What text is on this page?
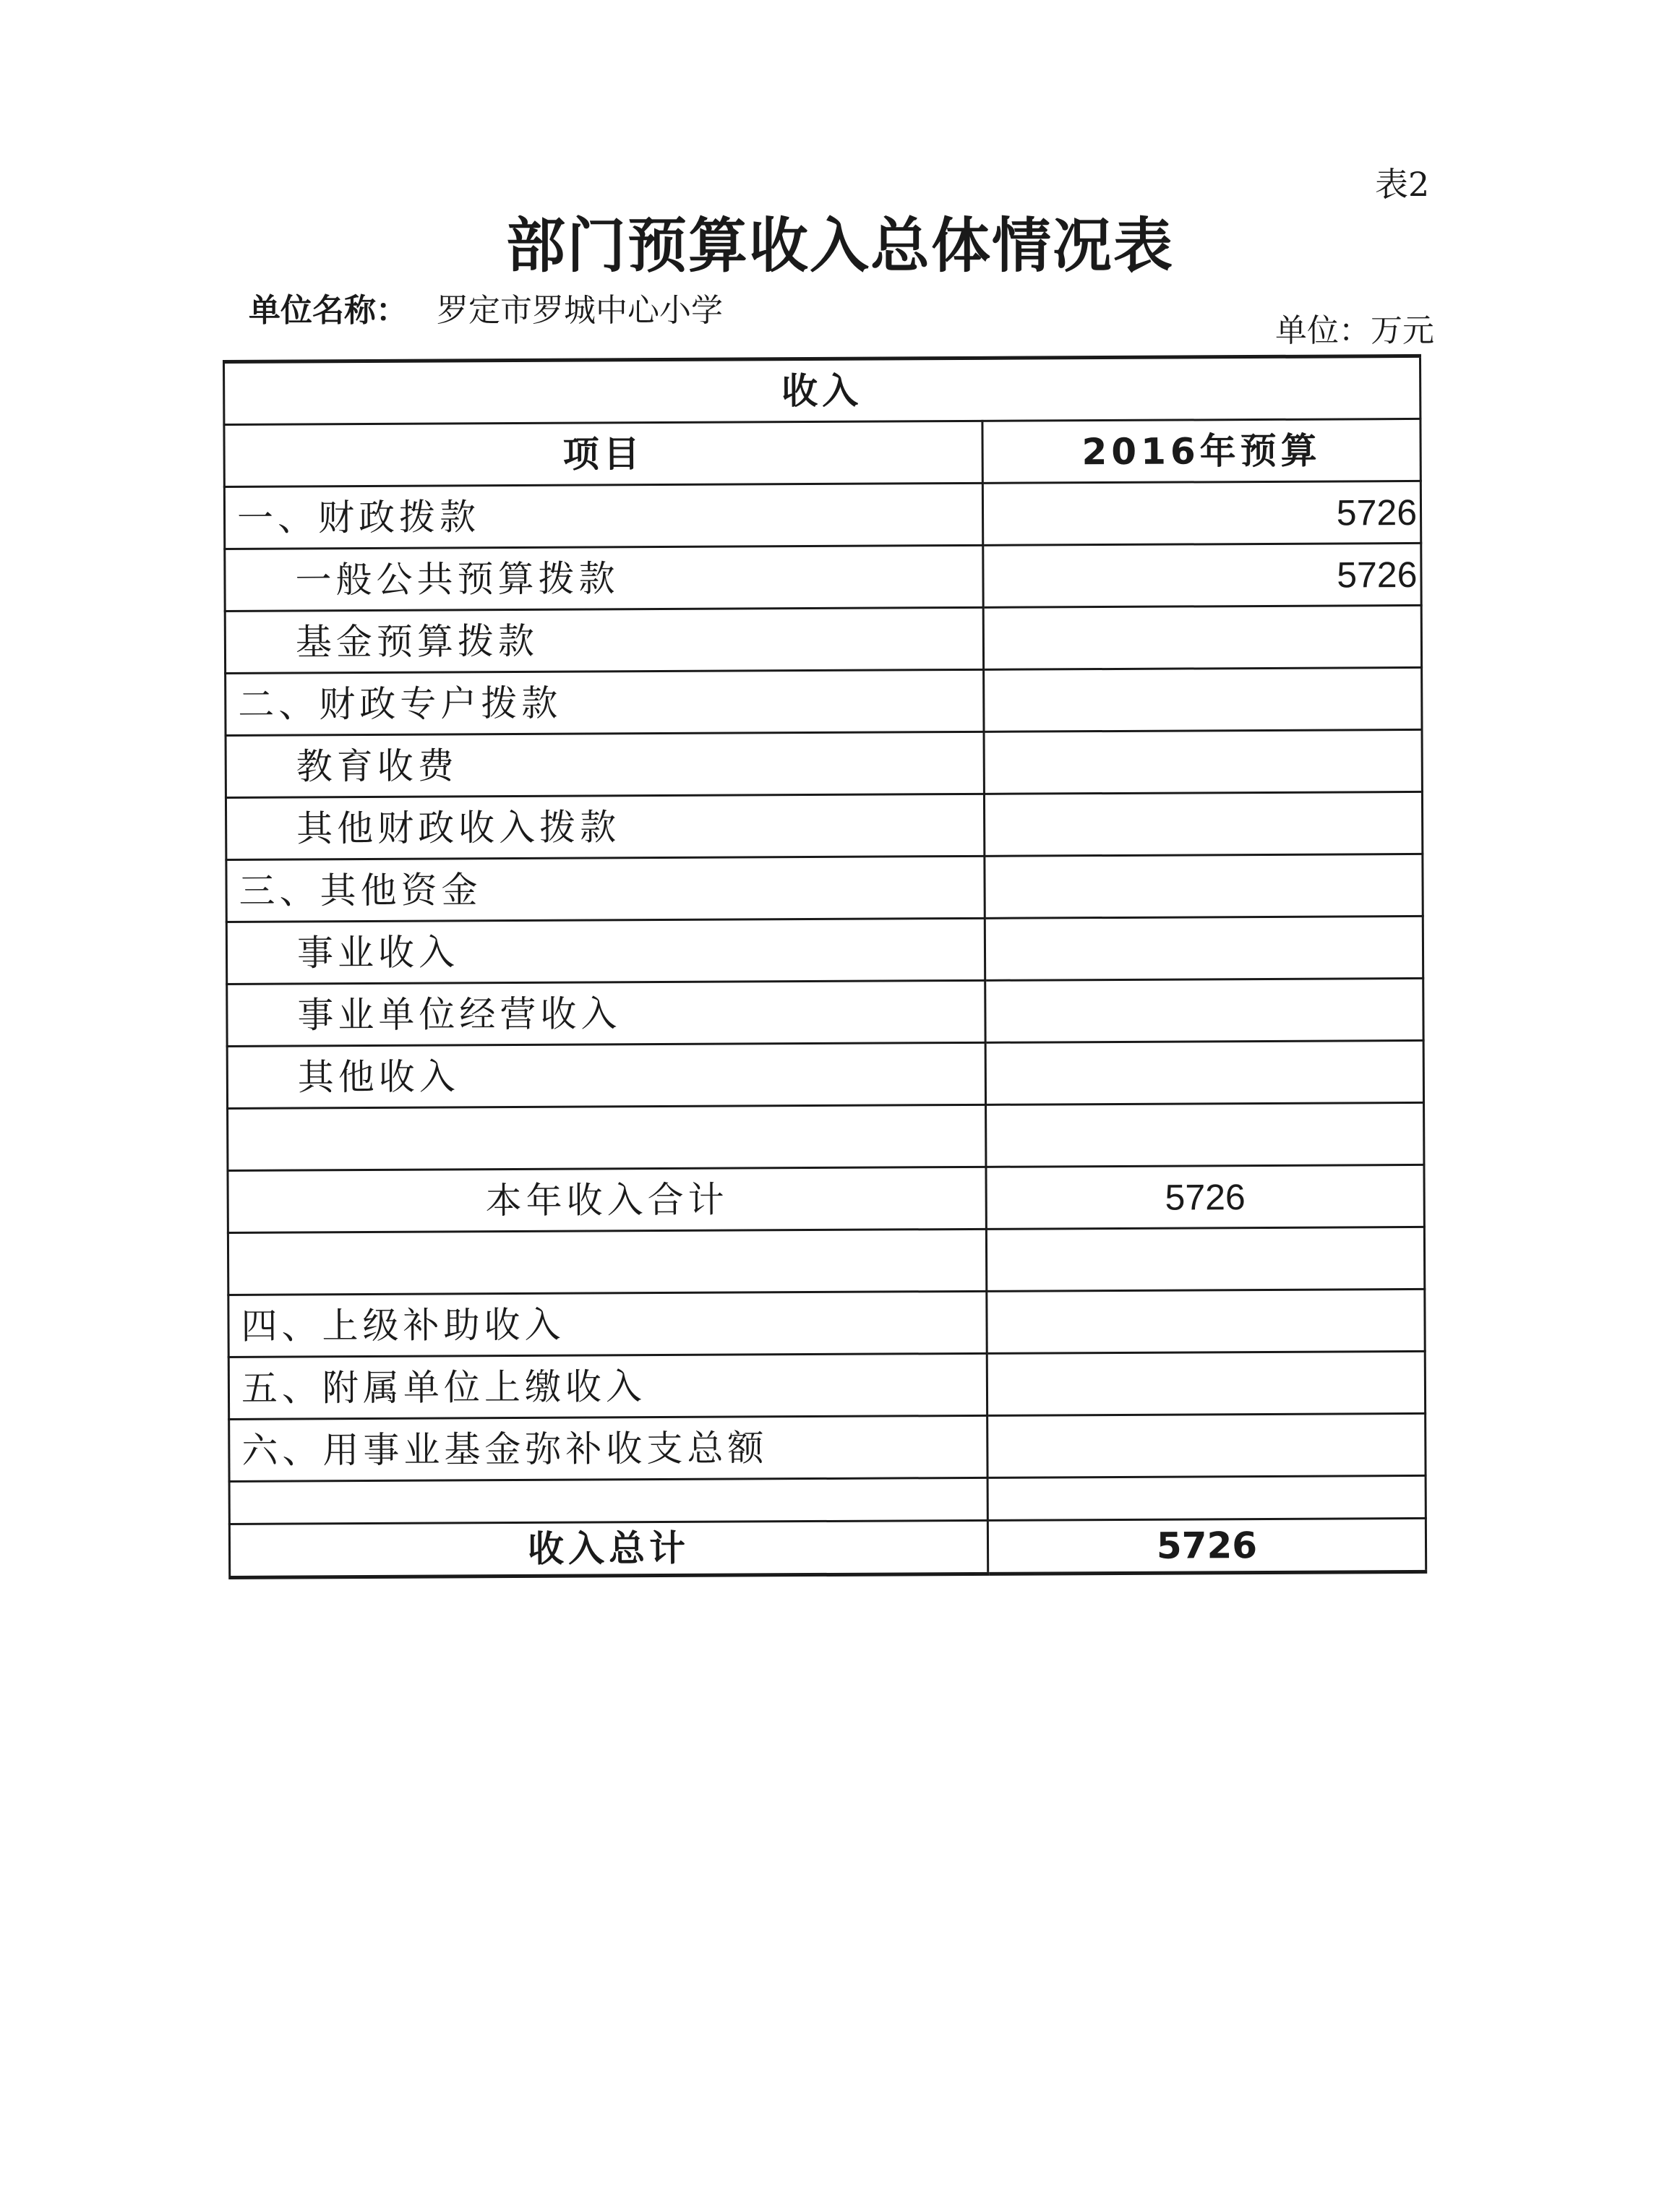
表2
部门预算收入总体情况表
单位名称： 罗定市罗城中心小学
单位：万元
收入	
项目	2016年预算
一、财政拨款	5726
一般公共预算拨款	5726
基金预算拨款	
二、财政专户拨款	
教育收费	
其他财政收入拨款	
三、其他资金	
事业收入	
事业单位经营收入	
其他收入	

本年收入合计	5726

四、上级补助收入	
五、附属单位上缴收入	
六、用事业基金弥补收支总额	

收入总计	5726
